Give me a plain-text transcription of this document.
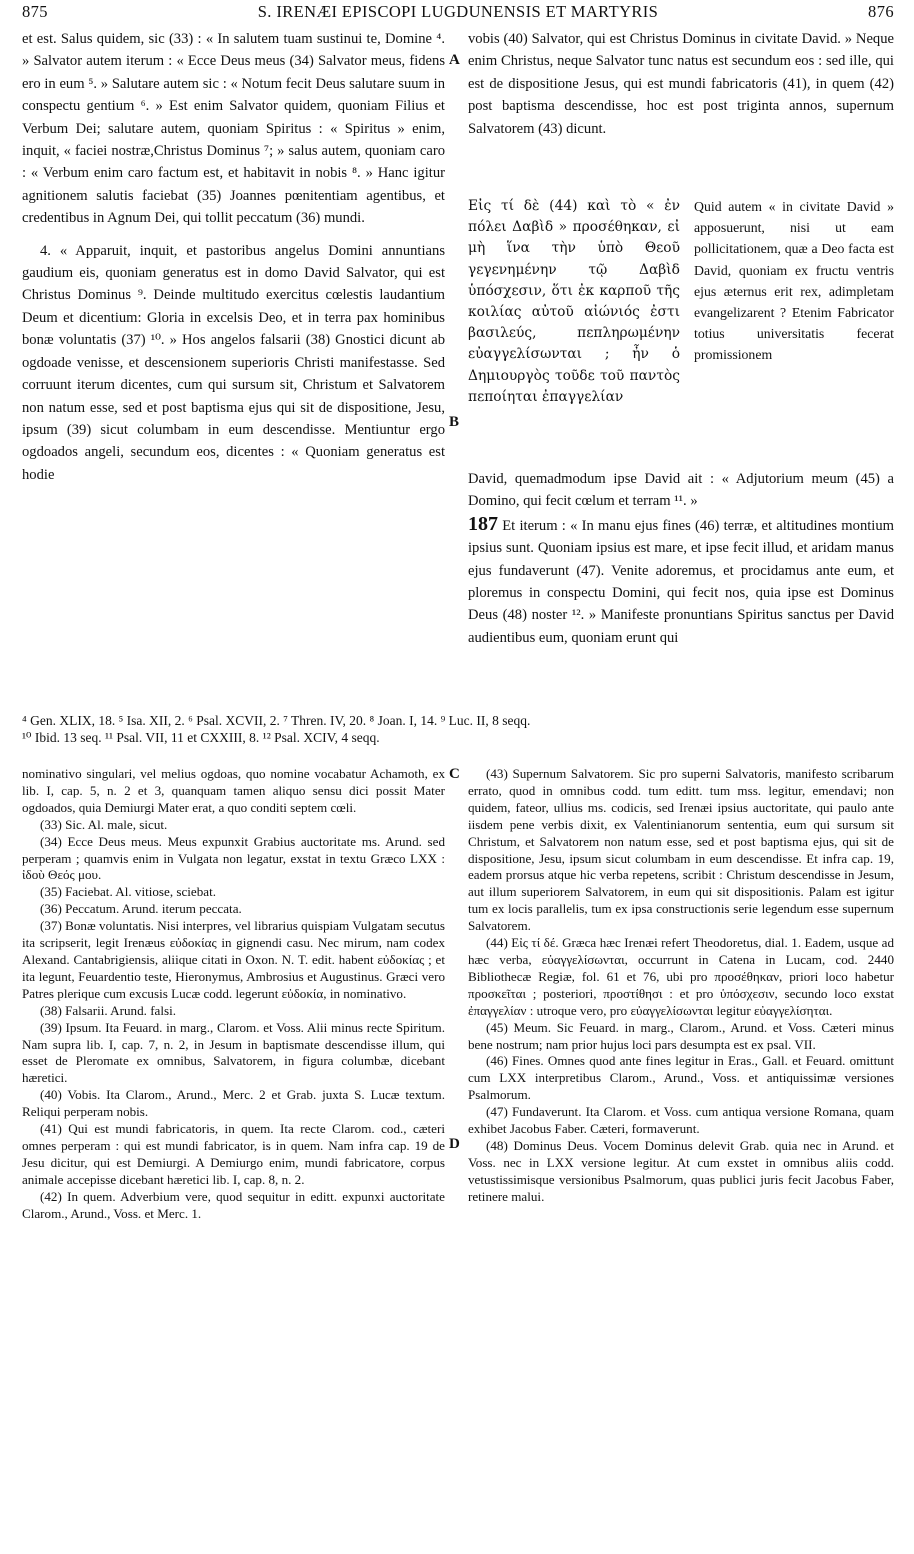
875	S. IRENÆI EPISCOPI LUGDUNENSIS ET MARTYRIS	876

et est. Salus quidem, sic (33) : « In salutem tuam sustinui te, Domine ⁴. » Salvator autem iterum : « Ecce Deus meus (34) Salvator meus, fidens ero in eum ⁵. » Salutare autem sic : « Notum fecit Deus salutare suum in conspectu gentium ⁶. » Est enim Salvator quidem, quoniam Filius et Verbum Dei; salutare autem, quoniam Spiritus : « Spiritus » enim, inquit, « faciei nostræ,Christus Dominus ⁷; » salus autem, quoniam caro : « Verbum enim caro factum est, et habitavit in nobis ⁸. » Hanc igitur agnitionem salutis faciebat (35) Joannes pœnitentiam agentibus, et credentibus in Agnum Dei, qui tollit peccatum (36) mundi.

4. « Apparuit, inquit, et pastoribus angelus Domini annuntians gaudium eis, quoniam generatus est in domo David Salvator, qui est Christus Dominus ⁹. Deinde multitudo exercitus cœlestis laudantium Deum et dicentium: Gloria in excelsis Deo, et in terra pax hominibus bonæ voluntatis (37) ¹⁰. » Hos angelos falsarii (38) Gnostici dicunt ab ogdoade venisse, et descensionem superioris Christi manifestasse. Sed corruunt iterum dicentes, cum qui sursum sit, Christum et Salvatorem non natum esse, sed et post baptisma ejus qui sit de dispositione, Jesu, ipsum (39) sicut columbam in eum descendisse. Mentiuntur ergo ogdoados angeli, secundum eos, dicentes : « Quoniam generatus est hodie

A
B

vobis (40) Salvator, qui est Christus Dominus in civitate David. » Neque enim Christus, neque Salvator tunc natus est secundum eos : sed ille, qui est de dispositione Jesus, qui est mundi fabricatoris (41), in quem (42) post baptisma descendisse, hoc est post triginta annos, supernum Salvatorem (43) dicunt.

Εἰς τί δὲ (44) καὶ τὸ « ἐν πόλει Δαβὶδ » προσέθηκαν, εἰ μὴ ἵνα τὴν ὑπὸ Θεοῦ γεγενημένην τῷ Δαβὶδ ὑπόσχεσιν, ὅτι ἐκ καρποῦ τῆς κοιλίας αὐτοῦ αἰώνιός ἐστι βασιλεύς, πεπληρωμένην εὐαγγελίσωνται ; ἦν ὁ Δημιουργὸς τοῦδε τοῦ παντὸς πεποίηται ἐπαγγελίαν

Quid autem « in civitate David » apposuerunt, nisi ut eam pollicitationem, quæ a Deo facta est David, quoniam ex fructu ventris ejus æternus erit rex, adimpletam evangelizarent ? Etenim Fabricator totius universitatis fecerat promissionem

David, quemadmodum ipse David ait : « Adjutorium meum (45) a Domino, qui fecit cœlum et terram ¹¹. »

187 Et iterum : « In manu ejus fines (46) terræ, et altitudines montium ipsius sunt. Quoniam ipsius est mare, et ipse fecit illud, et aridam manus ejus fundaverunt (47). Venite adoremus, et procidamus ante eum, et ploremus in conspectu Domini, qui fecit nos, quia ipse est Dominus Deus (48) noster ¹². » Manifeste pronuntians Spiritus sanctus per David audientibus eum, quoniam erunt qui

⁴ Gen. XLIX, 18. ⁵ Isa. XII, 2. ⁶ Psal. XCVII, 2. ⁷ Thren. IV, 20. ⁸ Joan. I, 14. ⁹ Luc. II, 8 seqq.
¹⁰ Ibid. 13 seq. ¹¹ Psal. VII, 11 et CXXIII, 8. ¹² Psal. XCIV, 4 seqq.
C
D

nominativo singulari, vel melius ogdoas, quo nomine vocabatur Achamoth, ex lib. I, cap. 5, n. 2 et 3, quanquam tamen aliquo sensu dici possit Mater ogdoados, quia Demiurgi Mater erat, a quo conditi septem cœli.

(33) Sic. Al. male, sicut.

(34) Ecce Deus meus. Meus expunxit Grabius auctoritate ms. Arund. sed perperam ; quamvis enim in Vulgata non legatur, exstat in textu Græco LXX : ἰδοὺ Θεός μου.

(35) Faciebat. Al. vitiose, sciebat.

(36) Peccatum. Arund. iterum peccata.

(37) Bonæ voluntatis. Nisi interpres, vel librarius quispiam Vulgatam secutus ita scripserit, legit Irenæus εὐδοκίας in gignendi casu. Nec mirum, nam codex Alexand. Cantabrigiensis, aliique citati in Oxon. N. T. edit. habent εὐδοκίας ; et ita legunt, Feuardentio teste, Hieronymus, Ambrosius et Augustinus. Græci vero Patres plerique cum excusis Lucæ codd. legerunt εὐδοκία, in nominativo.

(38) Falsarii. Arund. falsi.

(39) Ipsum. Ita Feuard. in marg., Clarom. et Voss. Alii minus recte Spiritum. Nam supra lib. I, cap. 7, n. 2, in Jesum in baptismate descendisse illum, qui esset de Pleromate ex omnibus, Salvatorem, in figura columbæ, dicebant hæretici.

(40) Vobis. Ita Clarom., Arund., Merc. 2 et Grab. juxta S. Lucæ textum. Reliqui perperam nobis.

(41) Qui est mundi fabricatoris, in quem. Ita recte Clarom. cod., cæteri omnes perperam : qui est mundi fabricator, is in quem. Nam infra cap. 19 de Jesu dicitur, qui est Demiurgi. A Demiurgo enim, mundi fabricatore, corpus animale accepisse dicebant hæretici lib. I, cap. 8, n. 2.

(42) In quem. Adverbium vere, quod sequitur in editt. expunxi auctoritate Clarom., Arund., Voss. et Merc. 1.

(43) Supernum Salvatorem. Sic pro superni Salvatoris, manifesto scribarum errato, quod in omnibus codd. tum editt. tum mss. legitur, emendavi; non quidem, fateor, ullius ms. codicis, sed Irenæi ipsius auctoritate, qui paulo ante iisdem pene verbis dixit, ex Valentinianorum sententia, eum qui sursum sit Christum, et Salvatorem non natum esse, sed et post baptisma ejus, qui sit de dispositione, Jesu, ipsum sicut columbam in eum descendisse. Et infra cap. 19, eadem prorsus atque hic verba repetens, scribit : Christum descendisse in Jesum, aut illum superiorem Salvatorem, in eum qui sit dispositionis. Palam est igitur tum ex locis parallelis, tum ex ipsa constructionis serie legendum esse supernum Salvatorem.

(44) Εἰς τί δέ. Græca hæc Irenæi refert Theodoretus, dial. 1. Eadem, usque ad hæc verba, εὐαγγελίσωνται, occurrunt in Catena in Lucam, cod. 2440 Bibliothecæ Regiæ, fol. 61 et 76, ubi pro προσέθηκαν, priori loco habetur προσκεῖται ; posteriori, προστίθησι : et pro ὑπόσχεσιν, secundo loco exstat ἐπαγγελίαν : utroque vero, pro εὐαγγελίσωνται legitur εὐαγγελίσηται.

(45) Meum. Sic Feuard. in marg., Clarom., Arund. et Voss. Cæteri minus bene nostrum; nam prior hujus loci pars desumpta est ex psal. VII.

(46) Fines. Omnes quod ante fines legitur in Eras., Gall. et Feuard. omittunt cum LXX interpretibus Clarom., Arund., Voss. et antiquissimæ versiones Psalmorum.

(47) Fundaverunt. Ita Clarom. et Voss. cum antiqua versione Romana, quam exhibet Jacobus Faber. Cæteri, formaverunt.

(48) Dominus Deus. Vocem Dominus delevit Grab. quia nec in Arund. et Voss. nec in LXX versione legitur. At cum exstet in omnibus aliis codd. vetustissimisque versionibus Psalmorum, quas publici juris fecit Jacobus Faber, retinere malui.
